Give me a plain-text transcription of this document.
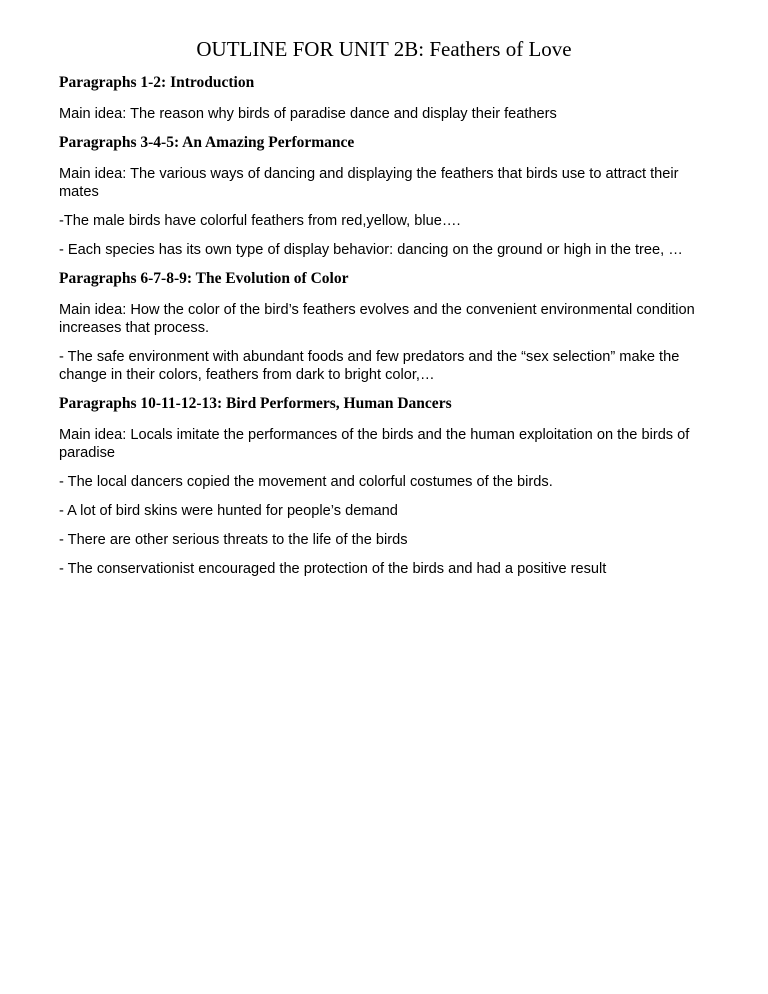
OUTLINE FOR UNIT 2B: Feathers of Love
Paragraphs 1-2: Introduction

Main idea: The reason why birds of paradise dance and display their feathers

Paragraphs 3-4-5: An Amazing Performance

Main idea: The various ways of dancing and displaying the feathers that birds use to attract their mates

-The male birds have colorful feathers from red,yellow, blue….

- Each species has its own type of display behavior: dancing on the ground or high in the tree, …

Paragraphs 6-7-8-9: The Evolution of Color

Main idea: How the color of the bird’s feathers evolves and the convenient environmental condition increases that process.

- The safe environment with abundant foods and few predators and the “sex selection” make the change in their colors, feathers from dark to bright color,…

Paragraphs 10-11-12-13: Bird Performers, Human Dancers

Main idea: Locals imitate the performances of the birds and the human exploitation on the birds of paradise

- The local dancers copied the movement and colorful costumes of the birds.

- A lot of bird skins were hunted for people’s demand

- There are other serious threats to the life of the birds

- The conservationist encouraged the protection of the birds and had a positive result
